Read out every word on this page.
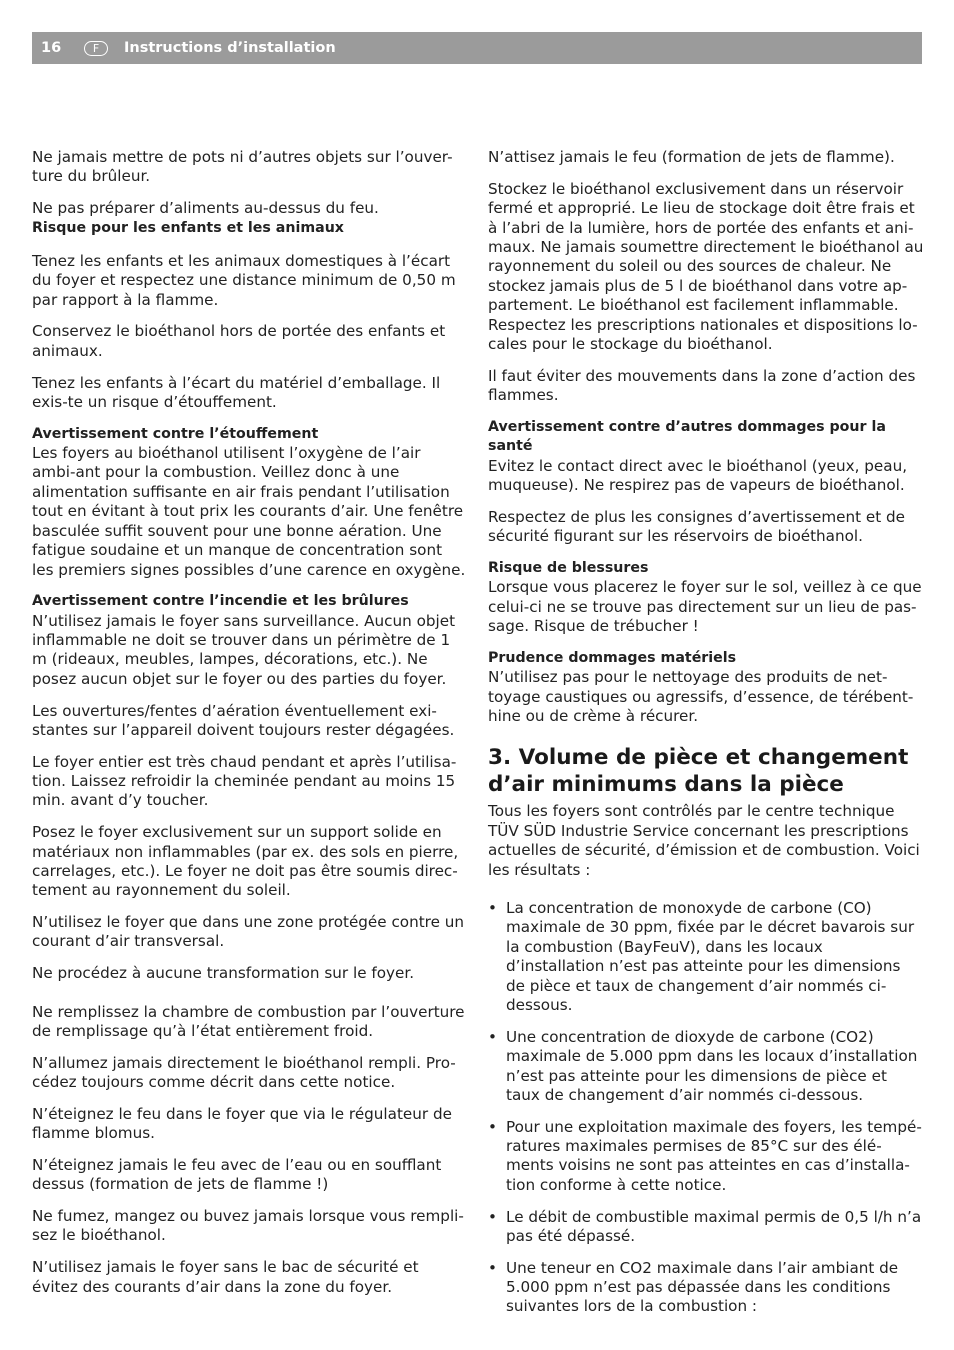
16	F	Instructions d’installation

Ne jamais mettre de pots ni d’autres objets sur l’ouver-ture du brûleur.

Ne pas préparer d’aliments au-dessus du feu.
Risque pour les enfants et les animaux

Tenez les enfants et les animaux domestiques à l’écart du foyer et respectez une distance minimum de 0,50 m par rapport à la flamme.

Conservez le bioéthanol hors de portée des enfants et animaux.

Tenez les enfants à l’écart du matériel d’emballage. Il exis-te un risque d’étouffement.

Avertissement contre l’étouffement
Les foyers au bioéthanol utilisent l’oxygène de l’air ambi-ant pour la combustion. Veillez donc à une alimentation suffisante en air frais pendant l’utilisation tout en évitant à tout prix les courants d’air. Une fenêtre basculée suffit souvent pour une bonne aération. Une fatigue soudaine et un manque de concentration sont les premiers signes possibles d’une carence en oxygène.

Avertissement contre l’incendie et les brûlures
N’utilisez jamais le foyer sans surveillance. Aucun objet inflammable ne doit se trouver dans un périmètre de 1 m (rideaux, meubles, lampes, décorations, etc.). Ne posez aucun objet sur le foyer ou des parties du foyer.

Les ouvertures/fentes d’aération éventuellement exi-stantes sur l’appareil doivent toujours rester dégagées.

Le foyer entier est très chaud pendant et après l’utilisa-tion. Laissez refroidir la cheminée pendant au moins 15 min. avant d’y toucher.

Posez le foyer exclusivement sur un support solide en matériaux non inflammables (par ex. des sols en pierre, carrelages, etc.). Le foyer ne doit pas être soumis direc-tement au rayonnement du soleil.

N’utilisez le foyer que dans une zone protégée contre un courant d’air transversal.

Ne procédez à aucune transformation sur le foyer.

Ne remplissez la chambre de combustion par l’ouverture de remplissage qu’à l’état entièrement froid.

N’allumez jamais directement le bioéthanol rempli. Pro-cédez toujours comme décrit dans cette notice.

N’éteignez le feu dans le foyer que via le régulateur de flamme blomus.

N’éteignez jamais le feu avec de l’eau ou en soufflant dessus (formation de jets de flamme !)

Ne fumez, mangez ou buvez jamais lorsque vous rempli-sez le bioéthanol.

N’utilisez jamais le foyer sans le bac de sécurité et évitez des courants d’air dans la zone du foyer.

N’attisez jamais le feu (formation de jets de flamme).

Stockez le bioéthanol exclusivement dans un réservoir fermé et approprié. Le lieu de stockage doit être frais et à l’abri de la lumière, hors de portée des enfants et ani-maux. Ne jamais soumettre directement le bioéthanol au rayonnement du soleil ou des sources de chaleur. Ne stockez jamais plus de 5 l de bioéthanol dans votre ap-partement. Le bioéthanol est facilement inflammable. Respectez les prescriptions nationales et dispositions lo-cales pour le stockage du bioéthanol.

Il faut éviter des mouvements dans la zone d’action des flammes.

Avertissement contre d’autres dommages pour la santé
Evitez le contact direct avec le bioéthanol (yeux, peau, muqueuse). Ne respirez pas de vapeurs de bioéthanol.

Respectez de plus les consignes d’avertissement et de sécurité figurant sur les réservoirs de bioéthanol.

Risque de blessures
Lorsque vous placerez le foyer sur le sol, veillez à ce que celui-ci ne se trouve pas directement sur un lieu de pas-sage. Risque de trébucher !

Prudence dommages matériels
N’utilisez pas pour le nettoyage des produits de net-toyage caustiques ou agressifs, d’essence, de térébent-hine ou de crème à récurer.

3. Volume de pièce et changement d’air minimums dans la pièce

Tous les foyers sont contrôlés par le centre technique TÜV SÜD Industrie Service concernant les prescriptions actuelles de sécurité, d’émission et de combustion. Voici les résultats :

• La concentration de monoxyde de carbone (CO) maximale de 30 ppm, fixée par le décret bavarois sur la combustion (BayFeuV), dans les locaux d’installation n’est pas atteinte pour les dimensions de pièce et taux de changement d’air nommés ci-dessous.
• Une concentration de dioxyde de carbone (CO2) maximale de 5.000 ppm dans les locaux d’installation n’est pas atteinte pour les dimensions de pièce et taux de changement d’air nommés ci-dessous.
• Pour une exploitation maximale des foyers, les tempé-ratures maximales permises de 85°C sur des élé-ments voisins ne sont pas atteintes en cas d’installa-tion conforme à cette notice.
• Le débit de combustible maximal permis de 0,5 l/h n’a pas été dépassé.
• Une teneur en CO2 maximale dans l’air ambiant de 5.000 ppm n’est pas dépassée dans les conditions suivantes lors de la combustion :
